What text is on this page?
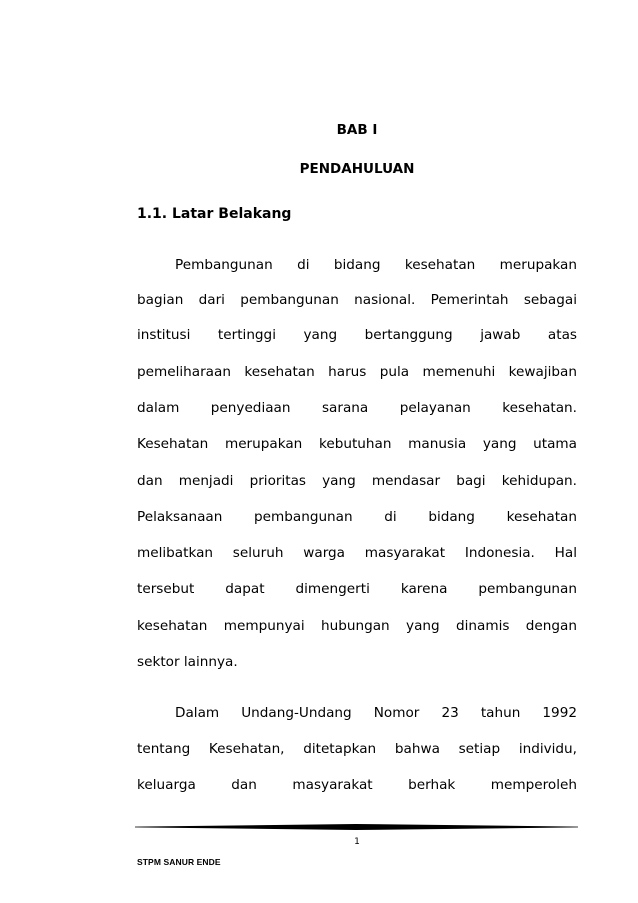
BAB I
PENDAHULUAN
1.1. Latar Belakang
Pembangunan di bidang kesehatan merupakan
bagian dari pembangunan nasional. Pemerintah sebagai
institusi tertinggi yang bertanggung jawab atas
pemeliharaan kesehatan harus pula memenuhi kewajiban
dalam penyediaan sarana pelayanan kesehatan.
Kesehatan merupakan kebutuhan manusia yang utama
dan menjadi prioritas yang mendasar bagi kehidupan.
Pelaksanaan pembangunan di bidang kesehatan
melibatkan seluruh warga masyarakat Indonesia. Hal
tersebut dapat dimengerti karena pembangunan
kesehatan mempunyai hubungan yang dinamis dengan
sektor lainnya.
Dalam Undang-Undang Nomor 23 tahun 1992
tentang Kesehatan, ditetapkan bahwa setiap individu,
keluarga dan masyarakat berhak memperoleh
1
STPM SANUR ENDE
